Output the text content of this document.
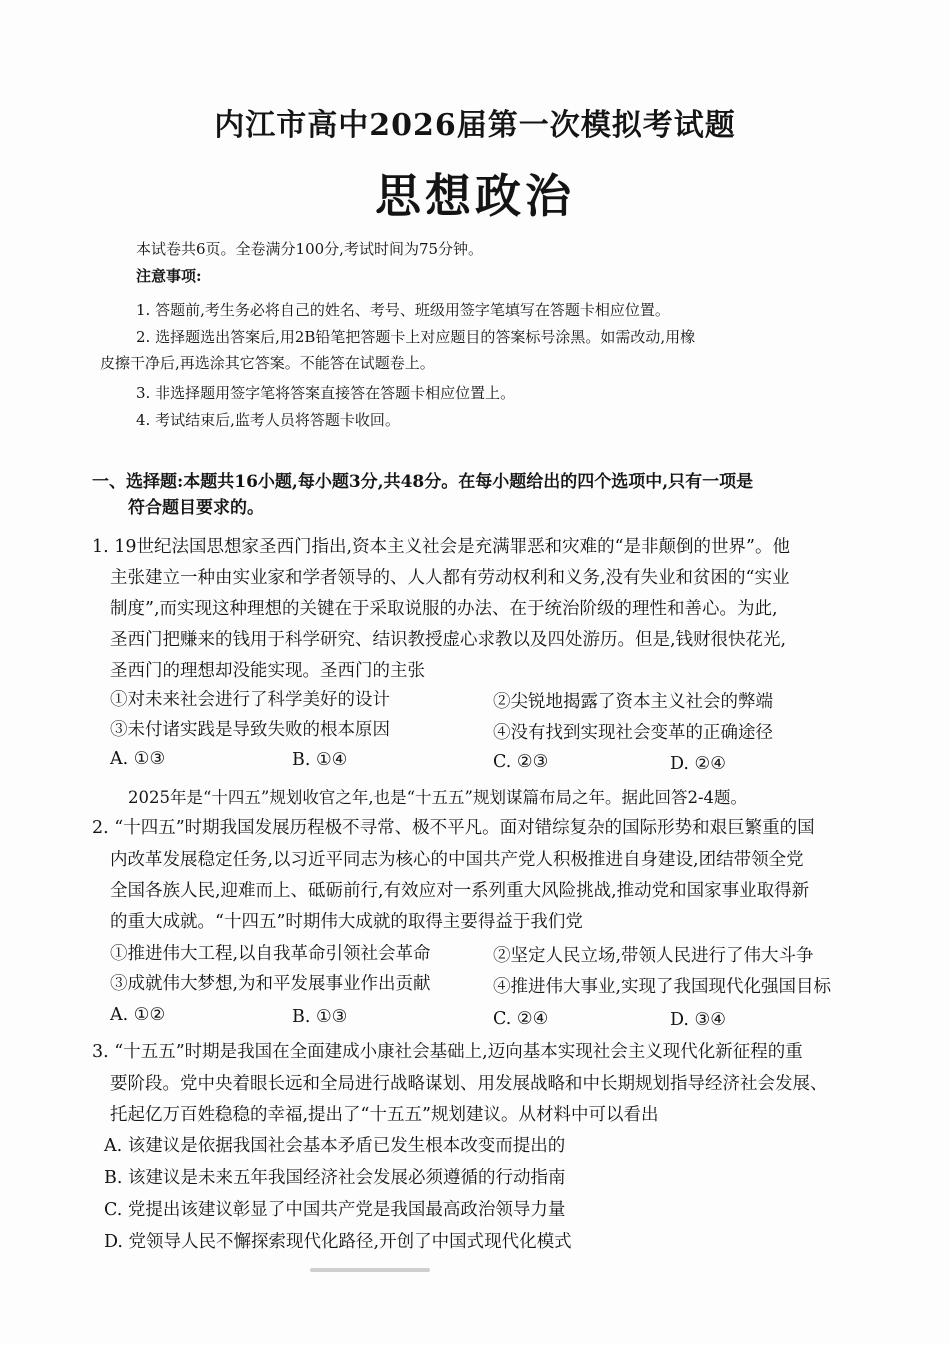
内江市高中2026届第一次模拟考试题
思想政治
本试卷共6页。全卷满分100分,考试时间为75分钟。
注意事项:
1. 答题前,考生务必将自己的姓名、考号、班级用签字笔填写在答题卡相应位置。
2. 选择题选出答案后,用2B铅笔把答题卡上对应题目的答案标号涂黑。如需改动,用橡
皮擦干净后,再选涂其它答案。不能答在试题卷上。
3. 非选择题用签字笔将答案直接答在答题卡相应位置上。
4. 考试结束后,监考人员将答题卡收回。
一、选择题:本题共16小题,每小题3分,共48分。在每小题给出的四个选项中,只有一项是
符合题目要求的。
1. 19世纪法国思想家圣西门指出,资本主义社会是充满罪恶和灾难的“是非颠倒的世界”。他
主张建立一种由实业家和学者领导的、人人都有劳动权利和义务,没有失业和贫困的“实业
制度”,而实现这种理想的关键在于采取说服的办法、在于统治阶级的理性和善心。为此,
圣西门把赚来的钱用于科学研究、结识教授虚心求教以及四处游历。但是,钱财很快花光,
圣西门的理想却没能实现。圣西门的主张
①对未来社会进行了科学美好的设计	②尖锐地揭露了资本主义社会的弊端
③未付诸实践是导致失败的根本原因	④没有找到实现社会变革的正确途径
A. ①③	B. ①④	C. ②③	D. ②④
2025年是“十四五”规划收官之年,也是“十五五”规划谋篇布局之年。据此回答2-4题。
2. “十四五”时期我国发展历程极不寻常、极不平凡。面对错综复杂的国际形势和艰巨繁重的国
内改革发展稳定任务,以习近平同志为核心的中国共产党人积极推进自身建设,团结带领全党
全国各族人民,迎难而上、砥砺前行,有效应对一系列重大风险挑战,推动党和国家事业取得新
的重大成就。“十四五”时期伟大成就的取得主要得益于我们党
①推进伟大工程,以自我革命引领社会革命	②坚定人民立场,带领人民进行了伟大斗争
③成就伟大梦想,为和平发展事业作出贡献	④推进伟大事业,实现了我国现代化强国目标
A. ①②	B. ①③	C. ②④	D. ③④
3. “十五五”时期是我国在全面建成小康社会基础上,迈向基本实现社会主义现代化新征程的重
要阶段。党中央着眼长远和全局进行战略谋划、用发展战略和中长期规划指导经济社会发展、
托起亿万百姓稳稳的幸福,提出了“十五五”规划建议。从材料中可以看出
A. 该建议是依据我国社会基本矛盾已发生根本改变而提出的
B. 该建议是未来五年我国经济社会发展必须遵循的行动指南
C. 党提出该建议彰显了中国共产党是我国最高政治领导力量
D. 党领导人民不懈探索现代化路径,开创了中国式现代化模式
